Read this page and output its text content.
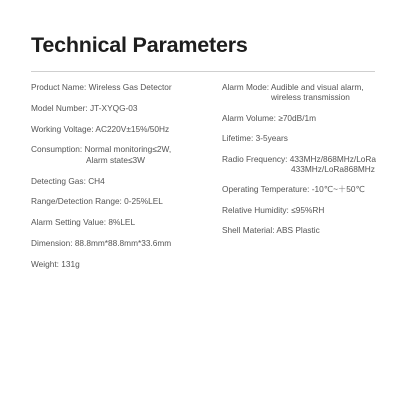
Technical Parameters
Product Name: Wireless Gas Detector
Model Number: JT-XYQG-03
Working Voltage: AC220V±15%/50Hz
Consumption: Normal monitoring≤2W,
Alarm state≤3W
Detecting Gas: CH4
Range/Detection Range: 0-25%LEL
Alarm Setting Value: 8%LEL
Dimension: 88.8mm*88.8mm*33.6mm
Weight: 131g
Alarm Mode: Audible and visual alarm,
wireless transmission
Alarm Volume: ≥70dB/1m
Lifetime: 3-5years
Radio Frequency: 433MHz/868MHz/LoRa
433MHz/LoRa868MHz
Operating Temperature: -10℃~＋50℃
Relative Humidity: ≤95%RH
Shell Material: ABS Plastic
